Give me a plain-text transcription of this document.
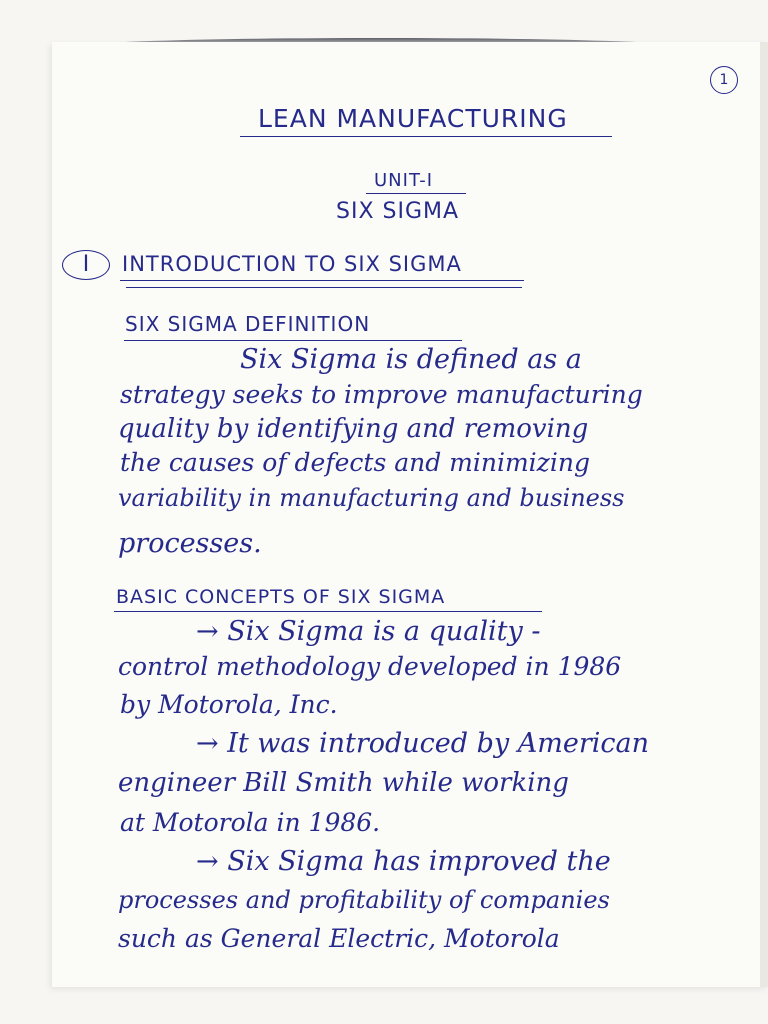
1
LEAN MANUFACTURING
UNIT-I
SIX SIGMA
I	INTRODUCTION TO SIX SIGMA
SIX SIGMA DEFINITION
Six Sigma is defined as a
strategy seeks to improve manufacturing
quality by identifying and removing
the causes of defects and minimizing
variability in manufacturing and business
processes.
BASIC CONCEPTS OF SIX SIGMA
→ Six Sigma is a quality -
control methodology developed in 1986
by Motorola, Inc.
→ It was introduced by American
engineer Bill Smith while working
at Motorola in 1986.
→ Six Sigma has improved the
processes and profitability of companies
such as General Electric, Motorola
